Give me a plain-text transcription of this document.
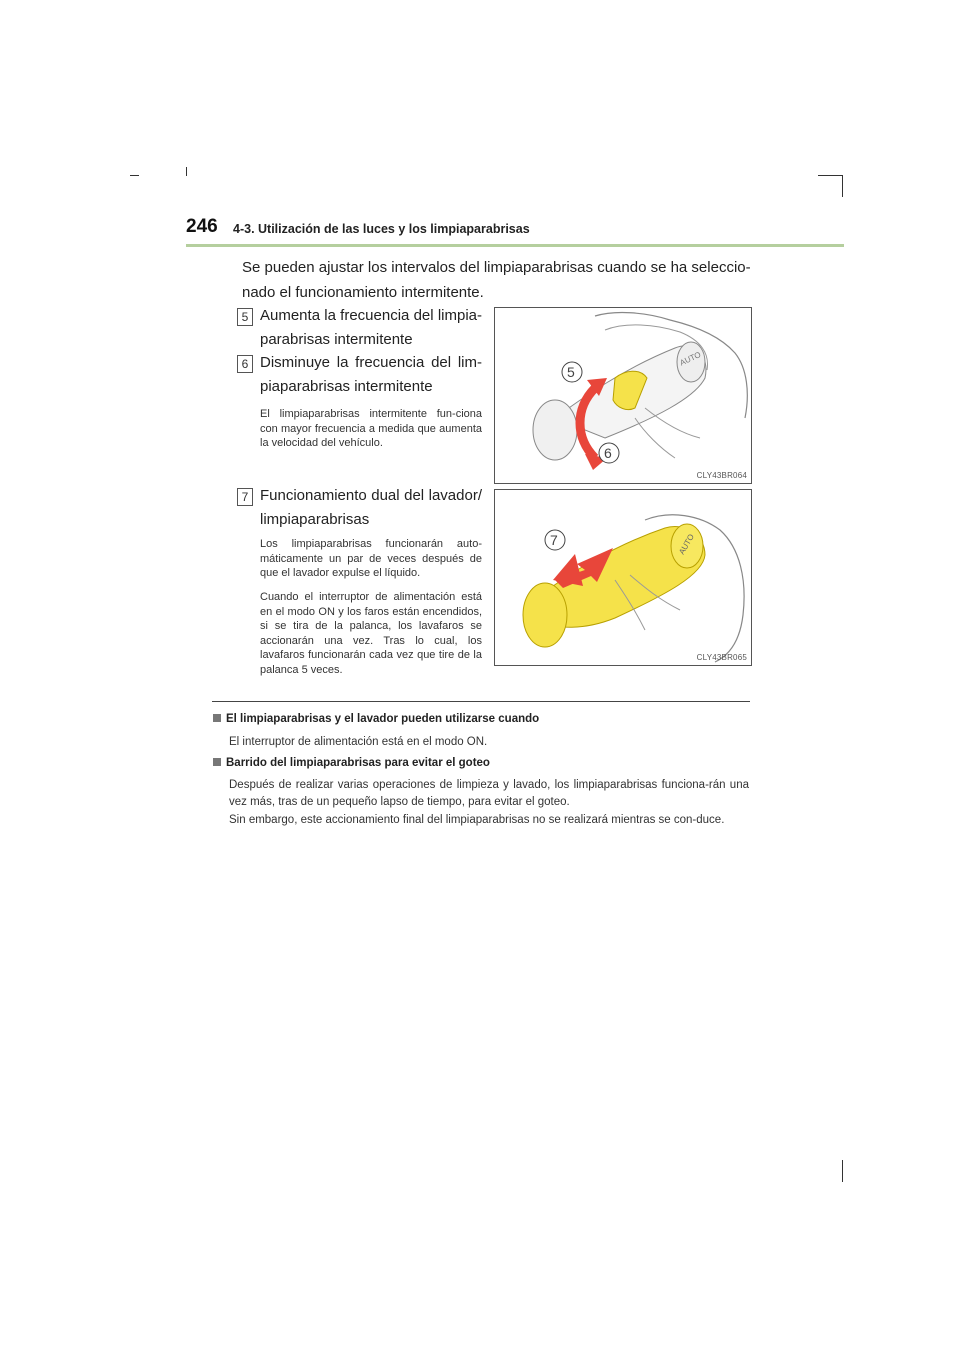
246 4-3. Utilización de las luces y los limpiaparabrisas
Se pueden ajustar los intervalos del limpiaparabrisas cuando se ha seleccio-nado el funcionamiento intermitente.
5 Aumenta la frecuencia del limpia-parabrisas intermitente
6 Disminuye la frecuencia del lim-piaparabrisas intermitente
El limpiaparabrisas intermitente fun-ciona con mayor frecuencia a medida que aumenta la velocidad del vehículo.
7 Funcionamiento dual del lavador/ limpiaparabrisas
Los limpiaparabrisas funcionarán auto-máticamente un par de veces después de que el lavador expulse el líquido.
Cuando el interruptor de alimentación está en el modo ON y los faros están encendidos, si se tira de la palanca, los lavafaros se accionarán una vez. Tras lo cual, los lavafaros funcionarán cada vez que tire de la palanca 5 veces.
AUTO
5
6
CLY43BR064
AUTO
7
CLY43BR065
El limpiaparabrisas y el lavador pueden utilizarse cuando
El interruptor de alimentación está en el modo ON.
Barrido del limpiaparabrisas para evitar el goteo
Después de realizar varias operaciones de limpieza y lavado, los limpiaparabrisas funciona-rán una vez más, tras de un pequeño lapso de tiempo, para evitar el goteo.
Sin embargo, este accionamiento final del limpiaparabrisas no se realizará mientras se con-duce.
